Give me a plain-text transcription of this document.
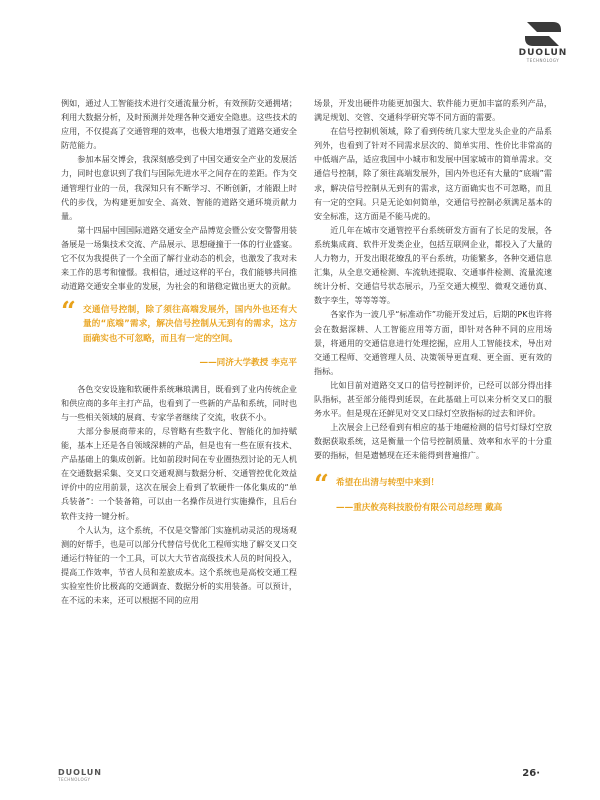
DUOLUN
TECHNOLOGY

例如，通过人工智能技术进行交通流量分析，有效预防交通拥堵；利用大数据分析，及时预测并处理各种交通安全隐患。这些技术的应用，不仅提高了交通管理的效率，也极大地增强了道路交通安全防范能力。

参加本届交博会，我深刻感受到了中国交通安全产业的发展活力，同时也意识到了我们与国际先进水平之间存在的差距。作为交通管理行业的一员，我深知只有不断学习、不断创新，才能跟上时代的步伐，为构建更加安全、高效、智能的道路交通环境贡献力量。

第十四届中国国际道路交通安全产品博览会暨公安交警警用装备展是一场集技术交流、产品展示、思想碰撞于一体的行业盛宴。它不仅为我提供了一个全面了解行业动态的机会，也激发了我对未来工作的思考和憧憬。我相信，通过这样的平台，我们能够共同推动道路交通安全事业的发展，为社会的和谐稳定做出更大的贡献。

“ 交通信号控制，除了须往高端发展外，国内外也还有大量的“底端”需求，解决信号控制从无到有的需求，这方面确实也不可忽略，而且有一定的空间。
——同济大学教授 李克平

各色交安设施和软硬件系统琳琅满目，既看到了业内传统企业和供应商的多年主打产品，也看到了一些新的产品和系统，同时也与一些相关领域的展商、专家学者继续了交流，收获不小。

大部分参展商带来的，尽管略有些数字化、智能化的加持赋能，基本上还是各自领域深耕的产品，但是也有一些在原有技术、产品基础上的集成创新。比如前段时间在专业圈热烈讨论的无人机在交通数据采集、交叉口交通观测与数据分析、交通管控优化效益评价中的应用前景，这次在展会上看到了软硬件一体化集成的“单兵装备”：一个装备箱，可以由一名操作员进行实施操作，且后台软件支持一键分析。

个人认为，这个系统，不仅是交警部门实施机动灵活的现场观测的好帮手，也是可以部分代替信号优化工程师实地了解交叉口交通运行特征的一个工具，可以大大节省高级技术人员的时间投入，提高工作效率，节省人员和差旅成本。这个系统也是高校交通工程实验室性价比极高的交通调查、数据分析的实用装备。可以预计，在不远的未来，还可以根据不同的应用

场景，开发出硬件功能更加强大、软件能力更加丰富的系列产品，满足规划、交管、交通科学研究等不同方面的需要。

在信号控制机领域，除了看到传统几家大型龙头企业的产品系列外，也看到了针对不同需求层次的、简单实用、性价比非常高的中低端产品，适应我国中小城市和发展中国家城市的简单需求。交通信号控制，除了须往高端发展外，国内外也还有大量的“底端”需求，解决信号控制从无到有的需求，这方面确实也不可忽略，而且有一定的空间。只是无论如何简单，交通信号控制必须满足基本的安全标准，这方面是不能马虎的。

近几年在城市交通管控平台系统研发方面有了长足的发展，各系统集成商、软件开发类企业，包括互联网企业，都投入了大量的人力物力，开发出眼花缭乱的平台系统，功能繁多，各种交通信息汇集，从全息交通检测、车流轨迹提取、交通事件检测、流量流速统计分析、交通信号状态展示，乃至交通大模型、微观交通仿真、数字孪生，等等等等。

各家作为一波几乎“标准动作”功能开发过后，后期的PK也许将会在数据深耕、人工智能应用等方面，即针对各种不同的应用场景，将通用的交通信息进行处理挖掘，应用人工智能技术，导出对交通工程师、交通管理人员、决策领导更直观、更全面、更有效的指标。

比如目前对道路交叉口的信号控制评价，已经可以部分得出排队指标，甚至部分能得到延误，在此基础上可以来分析交叉口的服务水平。但是现在还鲜见对交叉口绿灯空放指标的过去和评价。

上次展会上已经看到有相应的基于地磁检测的信号灯绿灯空放数据获取系统，这是衡量一个信号控制质量、效率和水平的十分重要的指标，但是遗憾现在还未能得到普遍推广。

“ 希望在出清与转型中来到！
——重庆攸亮科技股份有限公司总经理 戴高
DUOLUN
TECHNOLOGY
26·
